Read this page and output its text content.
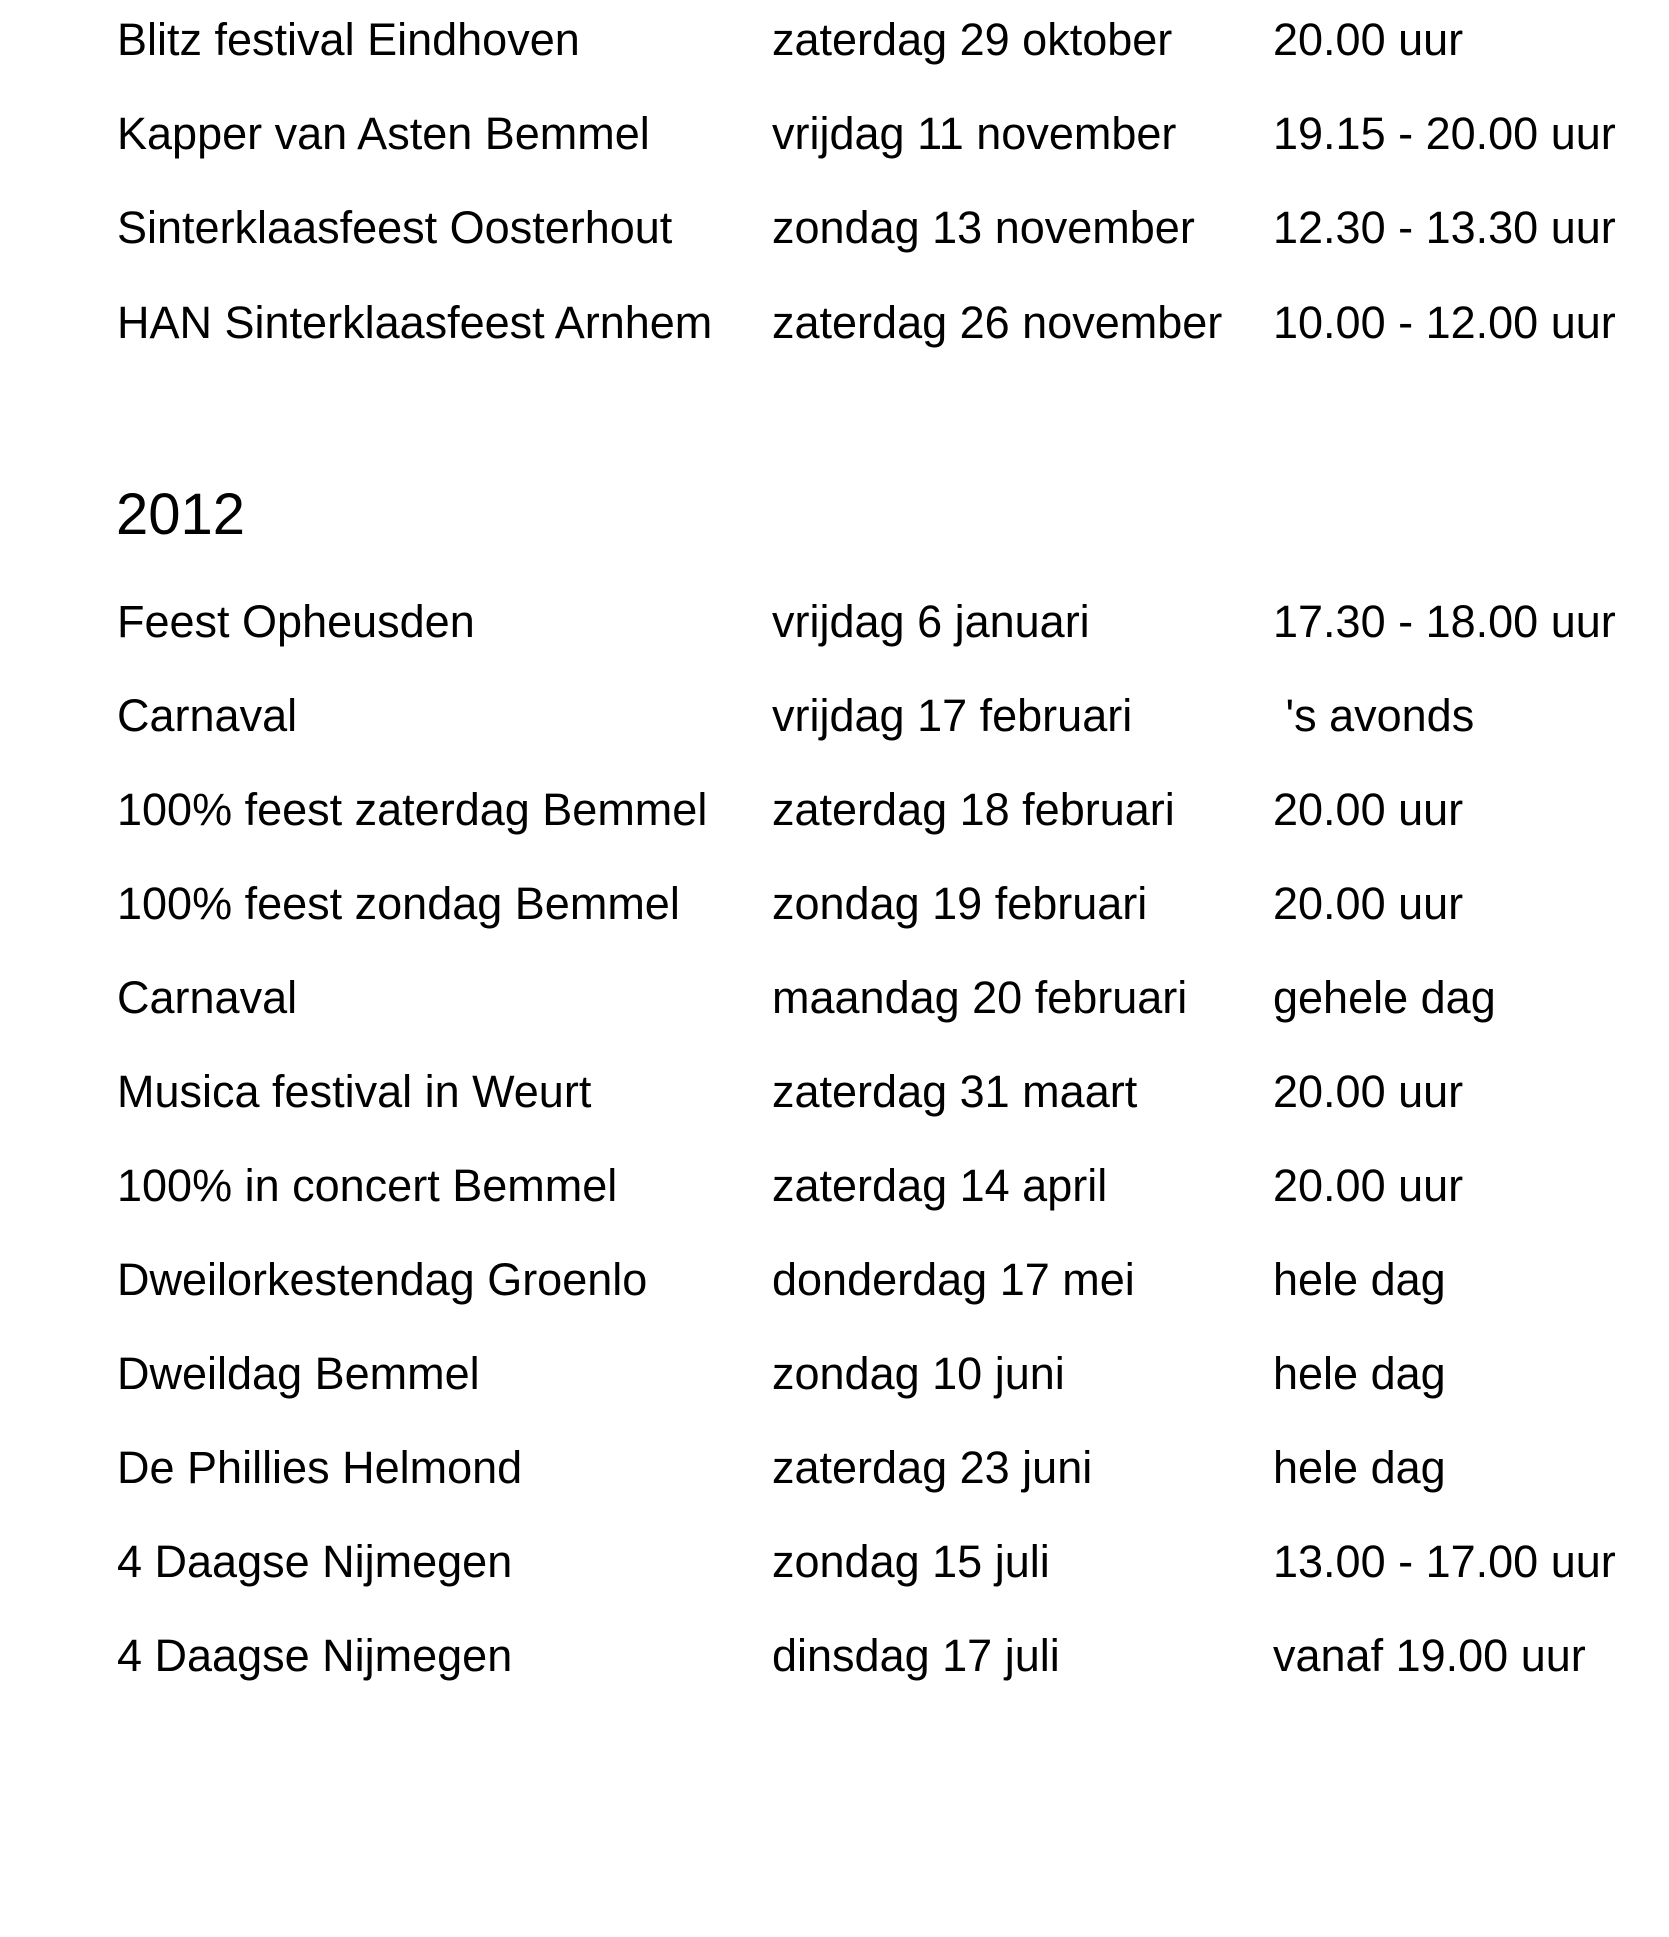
Blitz festival Eindhoven	zaterdag 29 oktober 20.00 uur
Kapper van Asten Bemmel	vrijdag 11 november 19.15 - 20.00 uur
Sinterklaasfeest Oosterhout zondag 13 november 12.30 - 13.30 uur
HAN Sinterklaasfeest Arnhem zaterdag 26 november 10.00 - 12.00 uur
2012
Feest Opheusden	vrijdag 6 januari	17.30 - 18.00 uur
Carnaval	vrijdag 17 februari	's avonds
100% feest zaterdag Bemmel zaterdag 18 februari 20.00 uur
100% feest zondag Bemmel zondag 19 februari	20.00 uur
Carnaval	maandag 20 februari gehele dag
Musica festival in Weurt	zaterdag 31 maart	20.00 uur
100% in concert Bemmel	zaterdag 14 april	20.00 uur
Dweilorkestendag Groenlo	donderdag 17 mei	hele dag
Dweildag Bemmel	zondag 10 juni	hele dag
De Phillies Helmond	zaterdag 23 juni	hele dag
4 Daagse Nijmegen	zondag 15 juli	13.00 - 17.00 uur
4 Daagse Nijmegen	dinsdag 17 juli	vanaf 19.00 uur
